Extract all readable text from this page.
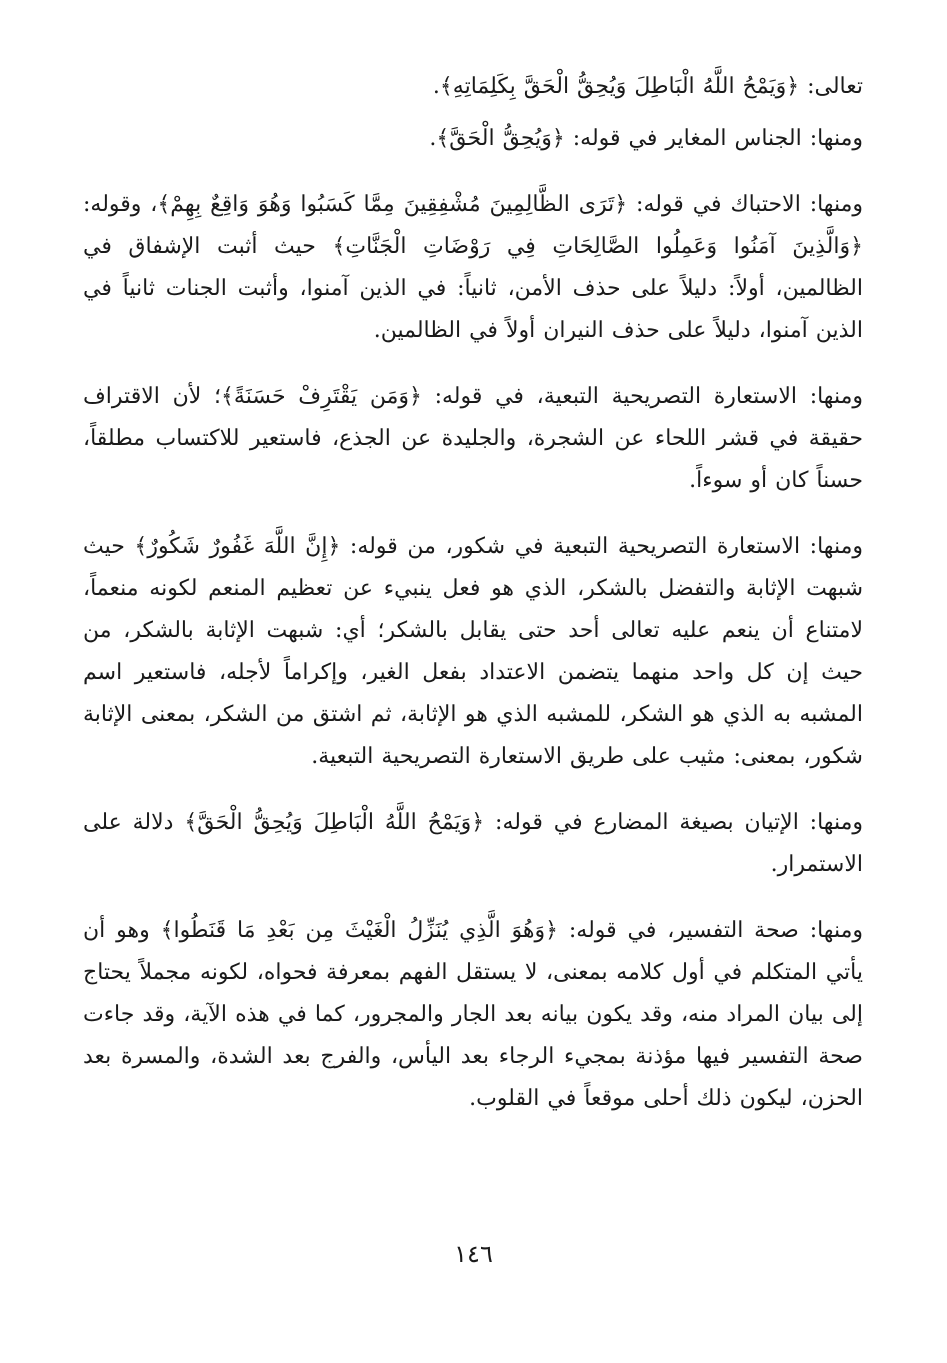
تعالى: ﴿وَيَمْحُ اللَّهُ الْبَاطِلَ وَيُحِقُّ الْحَقَّ بِكَلِمَاتِهِ﴾.

ومنها: الجناس المغاير في قوله: ﴿وَيُحِقُّ الْحَقَّ﴾.

ومنها: الاحتباك في قوله: ﴿تَرَى الظَّالِمِينَ مُشْفِقِينَ مِمَّا كَسَبُوا وَهُوَ وَاقِعٌ بِهِمْ﴾، وقوله: ﴿وَالَّذِينَ آمَنُوا وَعَمِلُوا الصَّالِحَاتِ فِي رَوْضَاتِ الْجَنَّاتِ﴾ حيث أثبت الإشفاق في الظالمين، أولاً: دليلاً على حذف الأمن، ثانياً: في الذين آمنوا، وأثبت الجنات ثانياً في الذين آمنوا، دليلاً على حذف النيران أولاً في الظالمين.

ومنها: الاستعارة التصريحية التبعية، في قوله: ﴿وَمَن يَقْتَرِفْ حَسَنَةً﴾؛ لأن الاقتراف حقيقة في قشر اللحاء عن الشجرة، والجليدة عن الجذع، فاستعير للاكتساب مطلقاً، حسناً كان أو سوءاً.

ومنها: الاستعارة التصريحية التبعية في شكور، من قوله: ﴿إِنَّ اللَّهَ غَفُورٌ شَكُورٌ﴾ حيث شبهت الإثابة والتفضل بالشكر، الذي هو فعل ينبيء عن تعظيم المنعم لكونه منعماً، لامتناع أن ينعم عليه تعالى أحد حتى يقابل بالشكر؛ أي: شبهت الإثابة بالشكر، من حيث إن كل واحد منهما يتضمن الاعتداد بفعل الغير، وإكراماً لأجله، فاستعير اسم المشبه به الذي هو الشكر، للمشبه الذي هو الإثابة، ثم اشتق من الشكر، بمعنى الإثابة شكور، بمعنى: مثيب على طريق الاستعارة التصريحية التبعية.

ومنها: الإتيان بصيغة المضارع في قوله: ﴿وَيَمْحُ اللَّهُ الْبَاطِلَ وَيُحِقُّ الْحَقَّ﴾ دلالة على الاستمرار.

ومنها: صحة التفسير، في قوله: ﴿وَهُوَ الَّذِي يُنَزِّلُ الْغَيْثَ مِن بَعْدِ مَا قَنَطُوا﴾ وهو أن يأتي المتكلم في أول كلامه بمعنى، لا يستقل الفهم بمعرفة فحواه، لكونه مجملاً يحتاج إلى بيان المراد منه، وقد يكون بيانه بعد الجار والمجرور، كما في هذه الآية، وقد جاءت صحة التفسير فيها مؤذنة بمجيء الرجاء بعد اليأس، والفرج بعد الشدة، والمسرة بعد الحزن، ليكون ذلك أحلى موقعاً في القلوب.

١٤٦
